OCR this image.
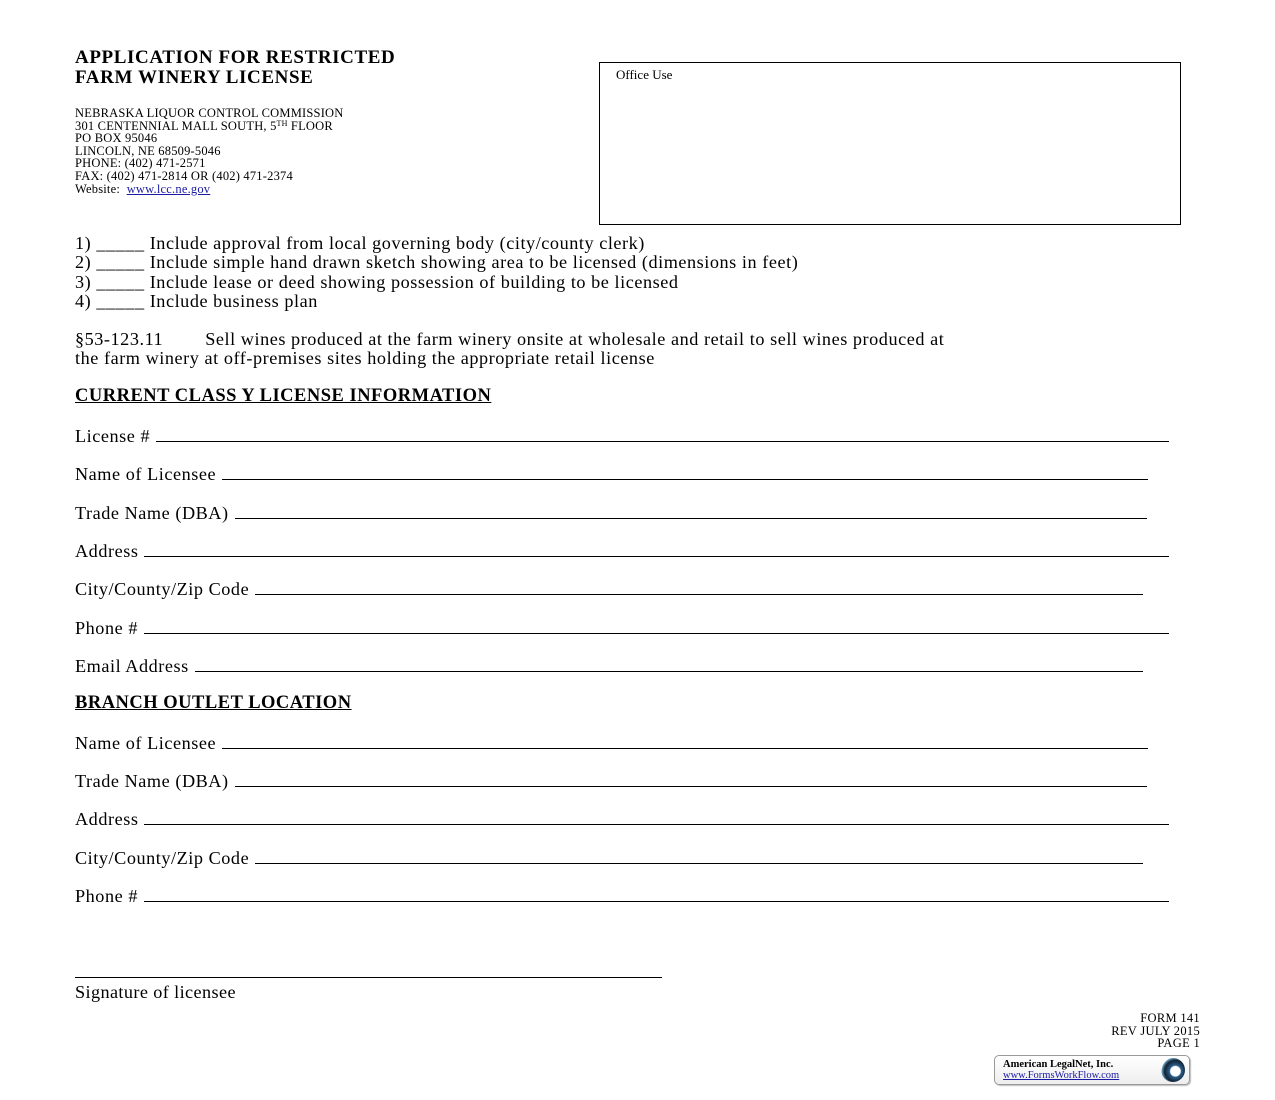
APPLICATION FOR RESTRICTED
FARM WINERY LICENSE
NEBRASKA LIQUOR CONTROL COMMISSION
301 CENTENNIAL MALL SOUTH, 5TH FLOOR
PO BOX 95046
LINCOLN, NE 68509-5046
PHONE: (402) 471-2571
FAX: (402) 471-2814 OR (402) 471-2374
Website: www.lcc.ne.gov
Office Use
1) _____ Include approval from local governing body (city/county clerk)
2) _____ Include simple hand drawn sketch showing area to be licensed (dimensions in feet)
3) _____ Include lease or deed showing possession of building to be licensed
4) _____ Include business plan
§53-123.11 Sell wines produced at the farm winery onsite at wholesale and retail to sell wines produced at
the farm winery at off-premises sites holding the appropriate retail license
CURRENT CLASS Y LICENSE INFORMATION
License #
Name of Licensee
Trade Name (DBA)
Address
City/County/Zip Code
Phone #
Email Address
BRANCH OUTLET LOCATION
Name of Licensee
Trade Name (DBA)
Address
City/County/Zip Code
Phone #
Signature of licensee
FORM 141
REV JULY 2015
PAGE 1
American LegalNet, Inc.
www.FormsWorkFlow.com
